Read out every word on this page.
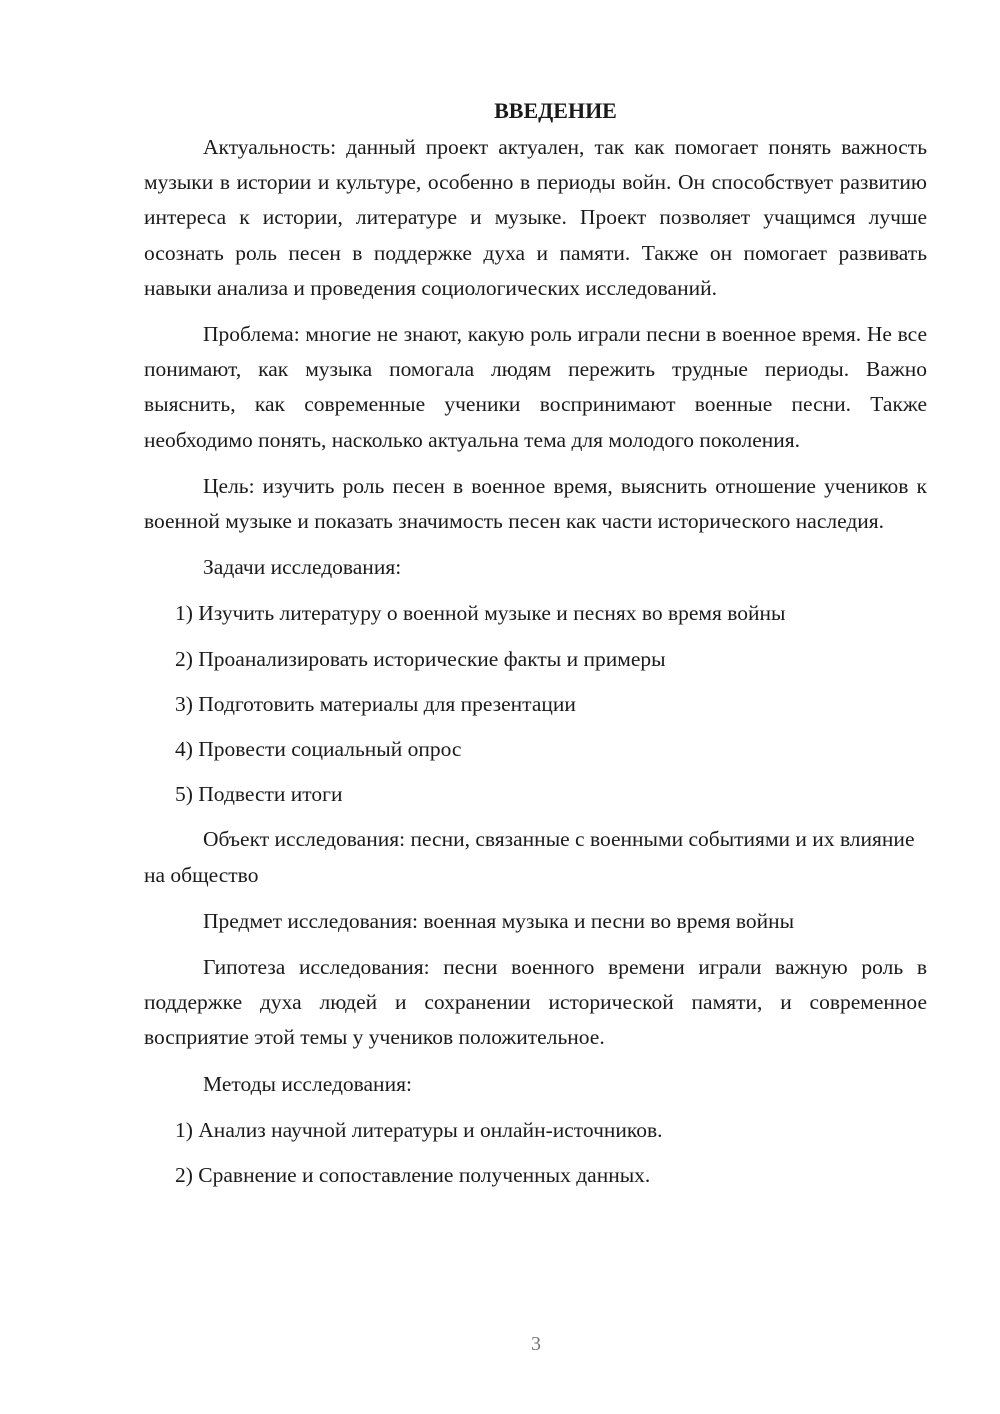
ВВЕДЕНИЕ

Актуальность: данный проект актуален, так как помогает понять важность музыки в истории и культуре, особенно в периоды войн. Он способствует развитию интереса к истории, литературе и музыке. Проект позволяет учащимся лучше осознать роль песен в поддержке духа и памяти. Также он помогает развивать навыки анализа и проведения социологических исследований.

Проблема: многие не знают, какую роль играли песни в военное время. Не все понимают, как музыка помогала людям пережить трудные периоды. Важно выяснить, как современные ученики воспринимают военные песни. Также необходимо понять, насколько актуальна тема для молодого поколения.

Цель: изучить роль песен в военное время, выяснить отношение учеников к военной музыке и показать значимость песен как части исторического наследия.

Задачи исследования:

1) Изучить литературу о военной музыке и песнях во время войны
2) Проанализировать исторические факты и примеры
3) Подготовить материалы для презентации
4) Провести социальный опрос
5) Подвести итоги

Объект исследования: песни, связанные с военными событиями и их влияние на общество

Предмет исследования: военная музыка и песни во время войны

Гипотеза исследования: песни военного времени играли важную роль в поддержке духа людей и сохранении исторической памяти, и современное восприятие этой темы у учеников положительное.

Методы исследования:

1) Анализ научной литературы и онлайн-источников.
2) Сравнение и сопоставление полученных данных.
3
